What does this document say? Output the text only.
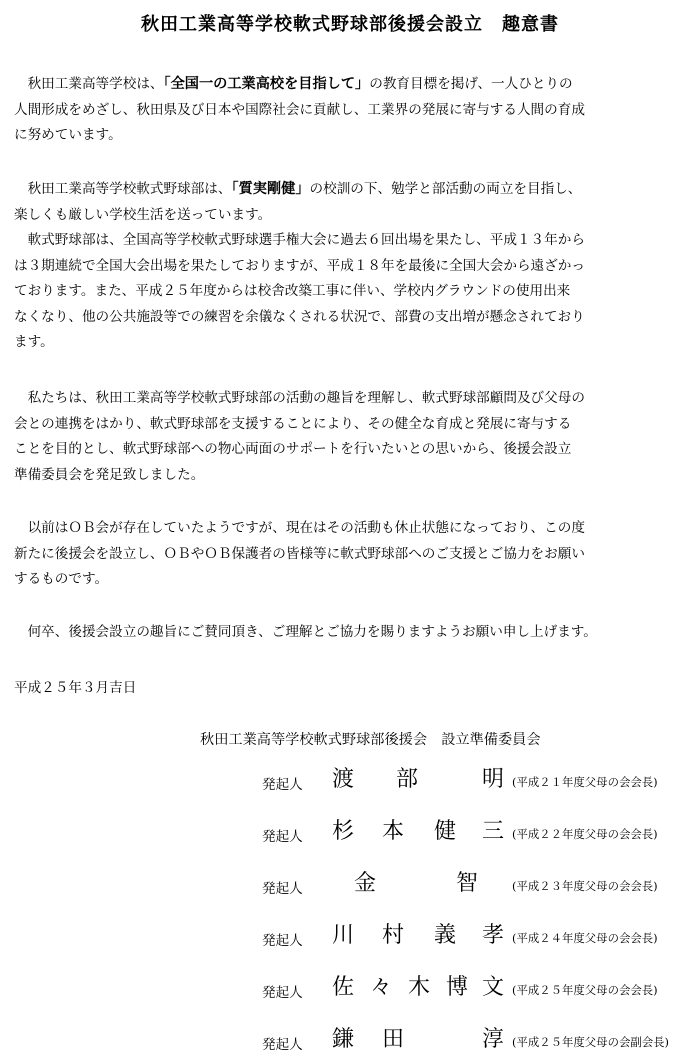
秋田工業高等学校軟式野球部後援会設立　趣意書
　秋田工業高等学校は、「全国一の工業高校を目指して」の教育目標を掲げ、一人ひとりの
人間形成をめざし、秋田県及び日本や国際社会に貢献し、工業界の発展に寄与する人間の育成
に努めています。
　秋田工業高等学校軟式野球部は、「質実剛健」の校訓の下、勉学と部活動の両立を目指し、
楽しくも厳しい学校生活を送っています。
　軟式野球部は、全国高等学校軟式野球選手権大会に過去６回出場を果たし、平成１３年から
は３期連続で全国大会出場を果たしておりますが、平成１８年を最後に全国大会から遠ざかっ
ております。また、平成２５年度からは校舎改築工事に伴い、学校内グラウンドの使用出来
なくなり、他の公共施設等での練習を余儀なくされる状況で、部費の支出増が懸念されており
ます。
　私たちは、秋田工業高等学校軟式野球部の活動の趣旨を理解し、軟式野球部顧問及び父母の
会との連携をはかり、軟式野球部を支援することにより、その健全な育成と発展に寄与する
ことを目的とし、軟式野球部への物心両面のサポートを行いたいとの思いから、後援会設立
準備委員会を発足致しました。
　以前はＯＢ会が存在していたようですが、現在はその活動も休止状態になっており、この度
新たに後援会を設立し、ＯＢやＯＢ保護者の皆様等に軟式野球部へのご支援とご協力をお願い
するものです。
　何卒、後援会設立の趣旨にご賛同頂き、ご理解とご協力を賜りますようお願い申し上げます。
平成２５年３月吉日
秋田工業高等学校軟式野球部後援会　設立準備委員会
発起人 渡 部	明 (平成２１年度父母の会会長)
発起人 杉 本 健 三 (平成２２年度父母の会会長)
発起人 金	智	(平成２３年度父母の会会長)
発起人 川 村 義 孝 (平成２４年度父母の会会長)
発起人 佐 々 木 博 文 (平成２５年度父母の会会長)
発起人 鎌 田	淳 (平成２５年度父母の会副会長)
